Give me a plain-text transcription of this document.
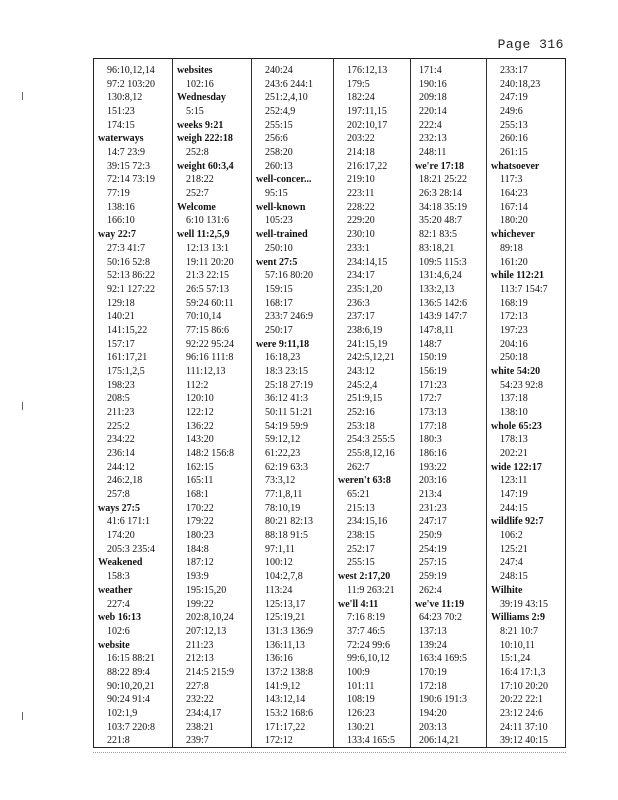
Page 316
96:10,12,14
97:2 103:20
130:8,12
151:23
174:15
waterways
14:7 23:9
39:15 72:3
72:14 73:19
77:19
138:16
166:10
way 22:7
27:3 41:7
50:16 52:8
52:13 86:22
92:1 127:22
129:18
140:21
141:15,22
157:17
161:17,21
175:1,2,5
198:23
208:5
211:23
225:2
234:22
236:14
244:12
246:2,18
257:8
ways 27:5
41:6 171:1
174:20
205:3 235:4
Weakened
158:3
weather
227:4
web 16:13
102:6
website
16:15 88:21
88:22 89:4
90:10,20,21
90:24 91:4
102:1,9
103:7 220:8
221:8
websites
102:16
Wednesday
5:15
weeks 9:21
weigh 222:18
252:8
weight 60:3,4
218:22
252:7
Welcome
6:10 131:6
well 11:2,5,9
12:13 13:1
19:11 20:20
21:3 22:15
26:5 57:13
59:24 60:11
70:10,14
77:15 86:6
92:22 95:24
96:16 111:8
111:12,13
112:2
120:10
122:12
136:22
143:20
148:2 156:8
162:15
165:11
168:1
170:22
179:22
180:23
184:8
187:12
193:9
195:15,20
199:22
202:8,10,24
207:12,13
211:23
212:13
214:5 215:9
227:8
232:22
234:4,17
238:21
239:7
240:24
243:6 244:1
251:2,4,10
252:4,9
255:15
256:6
258:20
260:13
well-concer...
95:15
well-known
105:23
well-trained
250:10
went 27:5
57:16 80:20
159:15
168:17
233:7 246:9
250:17
were 9:11,18
16:18,23
18:3 23:15
25:18 27:19
36:12 41:3
50:11 51:21
54:19 59:9
59:12,12
61:22,23
62:19 63:3
73:3,12
77:1,8,11
78:10,19
80:21 82:13
88:18 91:5
97:1,11
100:12
104:2,7,8
113:24
125:13,17
125:19,21
131:3 136:9
136:11,13
136:16
137:2 138:8
141:9,12
143:12,14
153:2 168:6
171:17,22
172:12
176:12,13
179:5
182:24
197:11,15
202:10,17
203:22
214:18
216:17,22
219:10
223:11
228:22
229:20
230:10
233:1
234:14,15
234:17
235:1,20
236:3
237:17
238:6,19
241:15,19
242:5,12,21
243:12
245:2,4
251:9,15
252:16
253:18
254:3 255:5
255:8,12,16
262:7
weren't 63:8
65:21
215:13
234:15,16
238:15
252:17
255:15
west 2:17,20
11:9 263:21
we'll 4:11
7:16 8:19
37:7 46:5
72:24 99:6
99:6,10,12
100:9
101:11
108:19
126:23
130:21
133:4 165:5
171:4
190:16
209:18
220:14
222:4
232:13
248:11
we're 17:18
18:21 25:22
26:3 28:14
34:18 35:19
35:20 48:7
82:1 83:5
83:18,21
109:5 115:3
131:4,6,24
133:2,13
136:5 142:6
143:9 147:7
147:8,11
148:7
150:19
156:19
171:23
172:7
173:13
177:18
180:3
186:16
193:22
203:16
213:4
231:23
247:17
250:9
254:19
257:15
259:19
262:4
we've 11:19
64:23 70:2
137:13
139:24
163:4 169:5
170:19
172:18
190:6 191:3
194:20
203:13
206:14,21
233:17
240:18,23
247:19
249:6
255:13
260:16
261:15
whatsoever
117:3
164:23
167:14
180:20
whichever
89:18
161:20
while 112:21
113:7 154:7
168:19
172:13
197:23
204:16
250:18
white 54:20
54:23 92:8
137:18
138:10
whole 65:23
178:13
202:21
wide 122:17
123:11
147:19
244:15
wildlife 92:7
106:2
125:21
247:4
248:15
Wilhite
39:19 43:15
Williams 2:9
8:21 10:7
10:10,11
15:1,24
16:4 17:1,3
17:10 20:20
20:22 22:1
23:12 24:6
24:11 37:10
39:12 40:15
